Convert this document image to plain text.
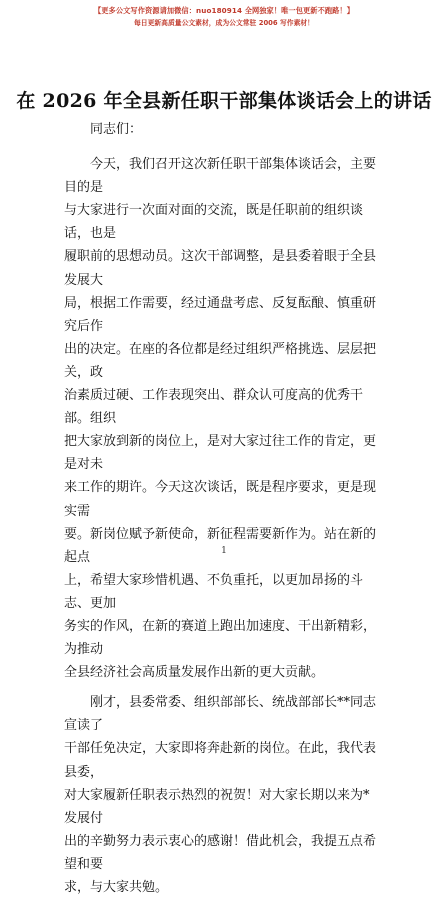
【更多公文写作资源请加微信：nuo180914 全网独家！唯一包更新不跑路！】
每日更新高质量公文素材，成为公文常驻 2006 写作素材！
在 2026 年全县新任职干部集体谈话会上的讲话

同志们：

　　今天，我们召开这次新任职干部集体谈话会，主要目的是
与大家进行一次面对面的交流，既是任职前的组织谈话，也是
履职前的思想动员。这次干部调整，是县委着眼于全县发展大
局，根据工作需要，经过通盘考虑、反复酝酿、慎重研究后作
出的决定。在座的各位都是经过组织严格挑选、层层把关，政
治素质过硬、工作表现突出、群众认可度高的优秀干部。组织
把大家放到新的岗位上，是对大家过往工作的肯定，更是对未
来工作的期许。今天这次谈话，既是程序要求，更是现实需
要。新岗位赋予新使命，新征程需要新作为。站在新的起点
上，希望大家珍惜机遇、不负重托，以更加昂扬的斗志、更加
务实的作风，在新的赛道上跑出加速度、干出新精彩，为推动
全县经济社会高质量发展作出新的更大贡献。

　　刚才，县委常委、组织部部长、统战部部长**同志宣读了
干部任免决定，大家即将奔赴新的岗位。在此，我代表县委，
对大家履新任职表示热烈的祝贺！对大家长期以来为*发展付
出的辛勤努力表示衷心的感谢！借此机会，我提五点希望和要
求，与大家共勉。

1
